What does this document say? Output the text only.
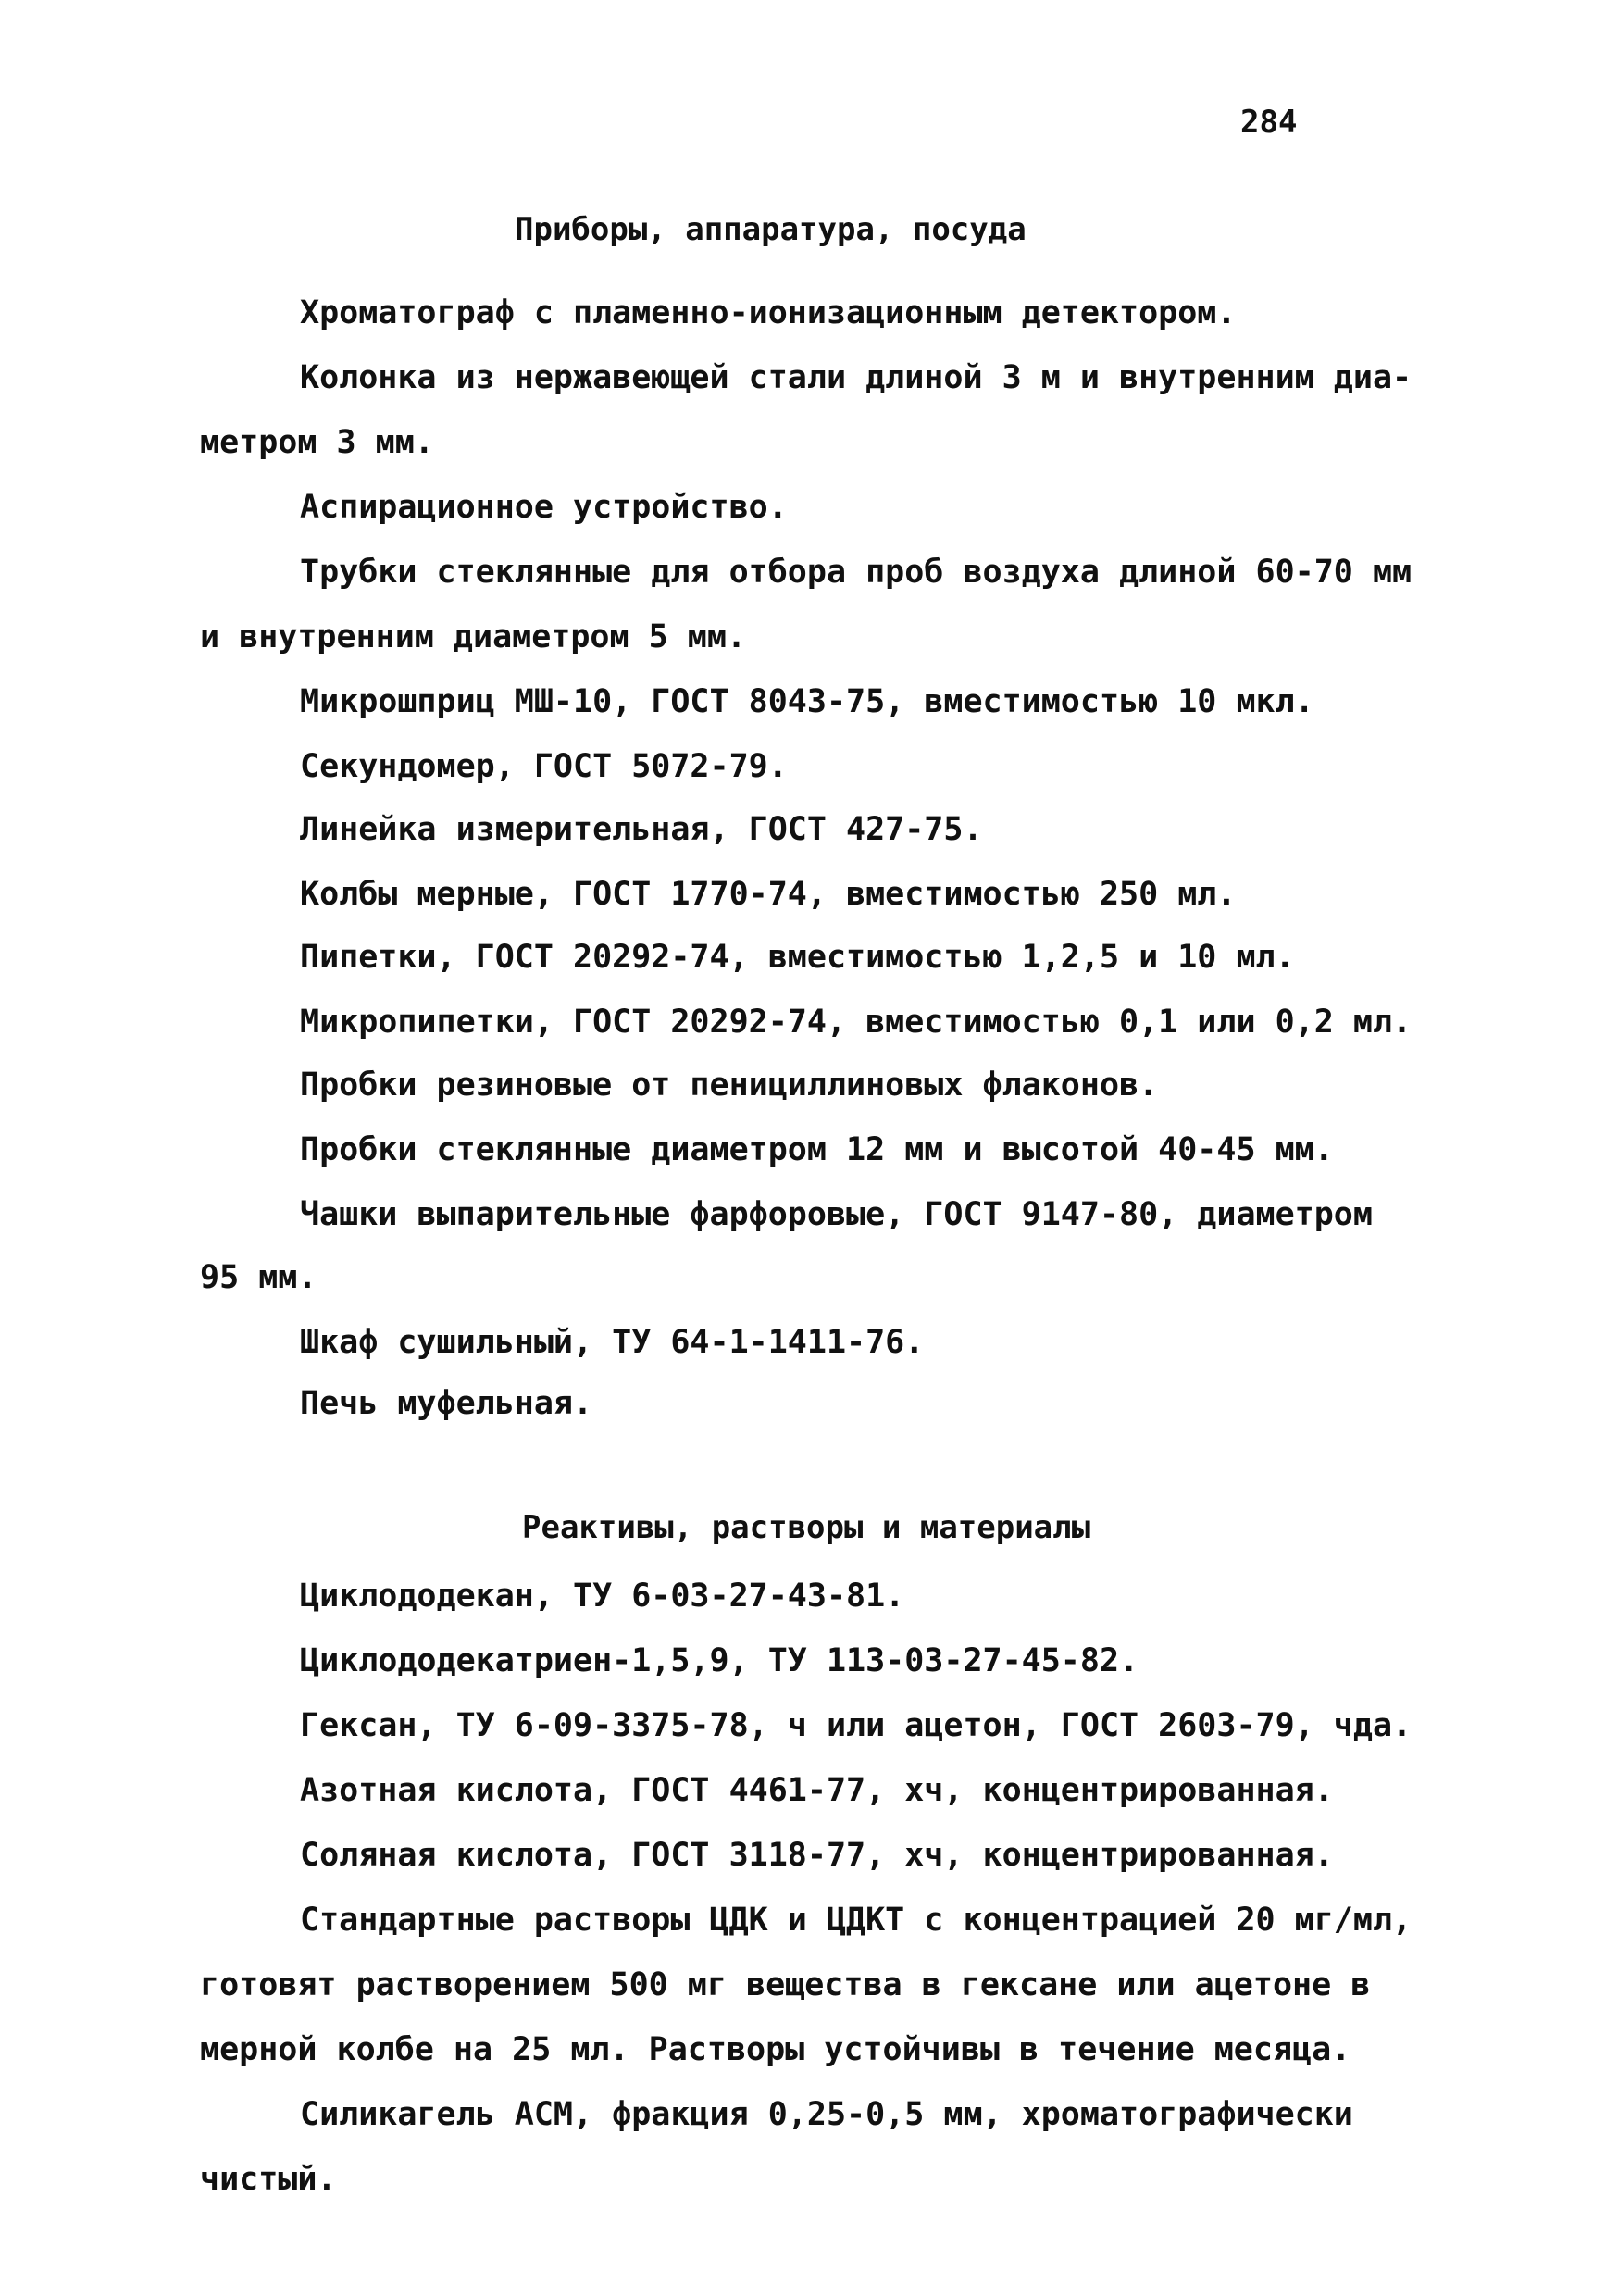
284
Приборы, аппаратура, посуда
Хроматограф с пламенно-ионизационным детектором.
Колонка из нержавеющей стали длиной 3 м и внутренним диа-
метром 3 мм.
Аспирационное устройство.
Трубки стеклянные для отбора проб воздуха длиной 60-70 мм
и внутренним диаметром 5 мм.
Микрошприц МШ-10, ГОСТ 8043-75, вместимостью 10 мкл.
Секундомер, ГОСТ 5072-79.
Линейка измерительная, ГОСТ 427-75.
Колбы мерные, ГОСТ 1770-74, вместимостью 250 мл.
Пипетки, ГОСТ 20292-74, вместимостью 1,2,5 и 10 мл.
Микропипетки, ГОСТ 20292-74, вместимостью 0,1 или 0,2 мл.
Пробки резиновые от пенициллиновых флаконов.
Пробки стеклянные диаметром 12 мм и высотой 40-45 мм.
Чашки выпарительные фарфоровые, ГОСТ 9147-80, диаметром
95 мм.
Шкаф сушильный, ТУ 64-1-1411-76.
Печь муфельная.
Реактивы, растворы и материалы
Циклододекан, ТУ 6-03-27-43-81.
Циклододекатриен-1,5,9, ТУ 113-03-27-45-82.
Гексан, ТУ 6-09-3375-78, ч или ацетон, ГОСТ 2603-79, чда.
Азотная кислота, ГОСТ 4461-77, хч, концентрированная.
Соляная кислота, ГОСТ 3118-77, хч, концентрированная.
Стандартные растворы ЦДК и ЦДКТ с концентрацией 20 мг/мл,
готовят растворением 500 мг вещества в гексане или ацетоне в
мерной колбе на 25 мл. Растворы устойчивы в течение месяца.
Силикагель АСМ, фракция 0,25-0,5 мм, хроматографически
чистый.
